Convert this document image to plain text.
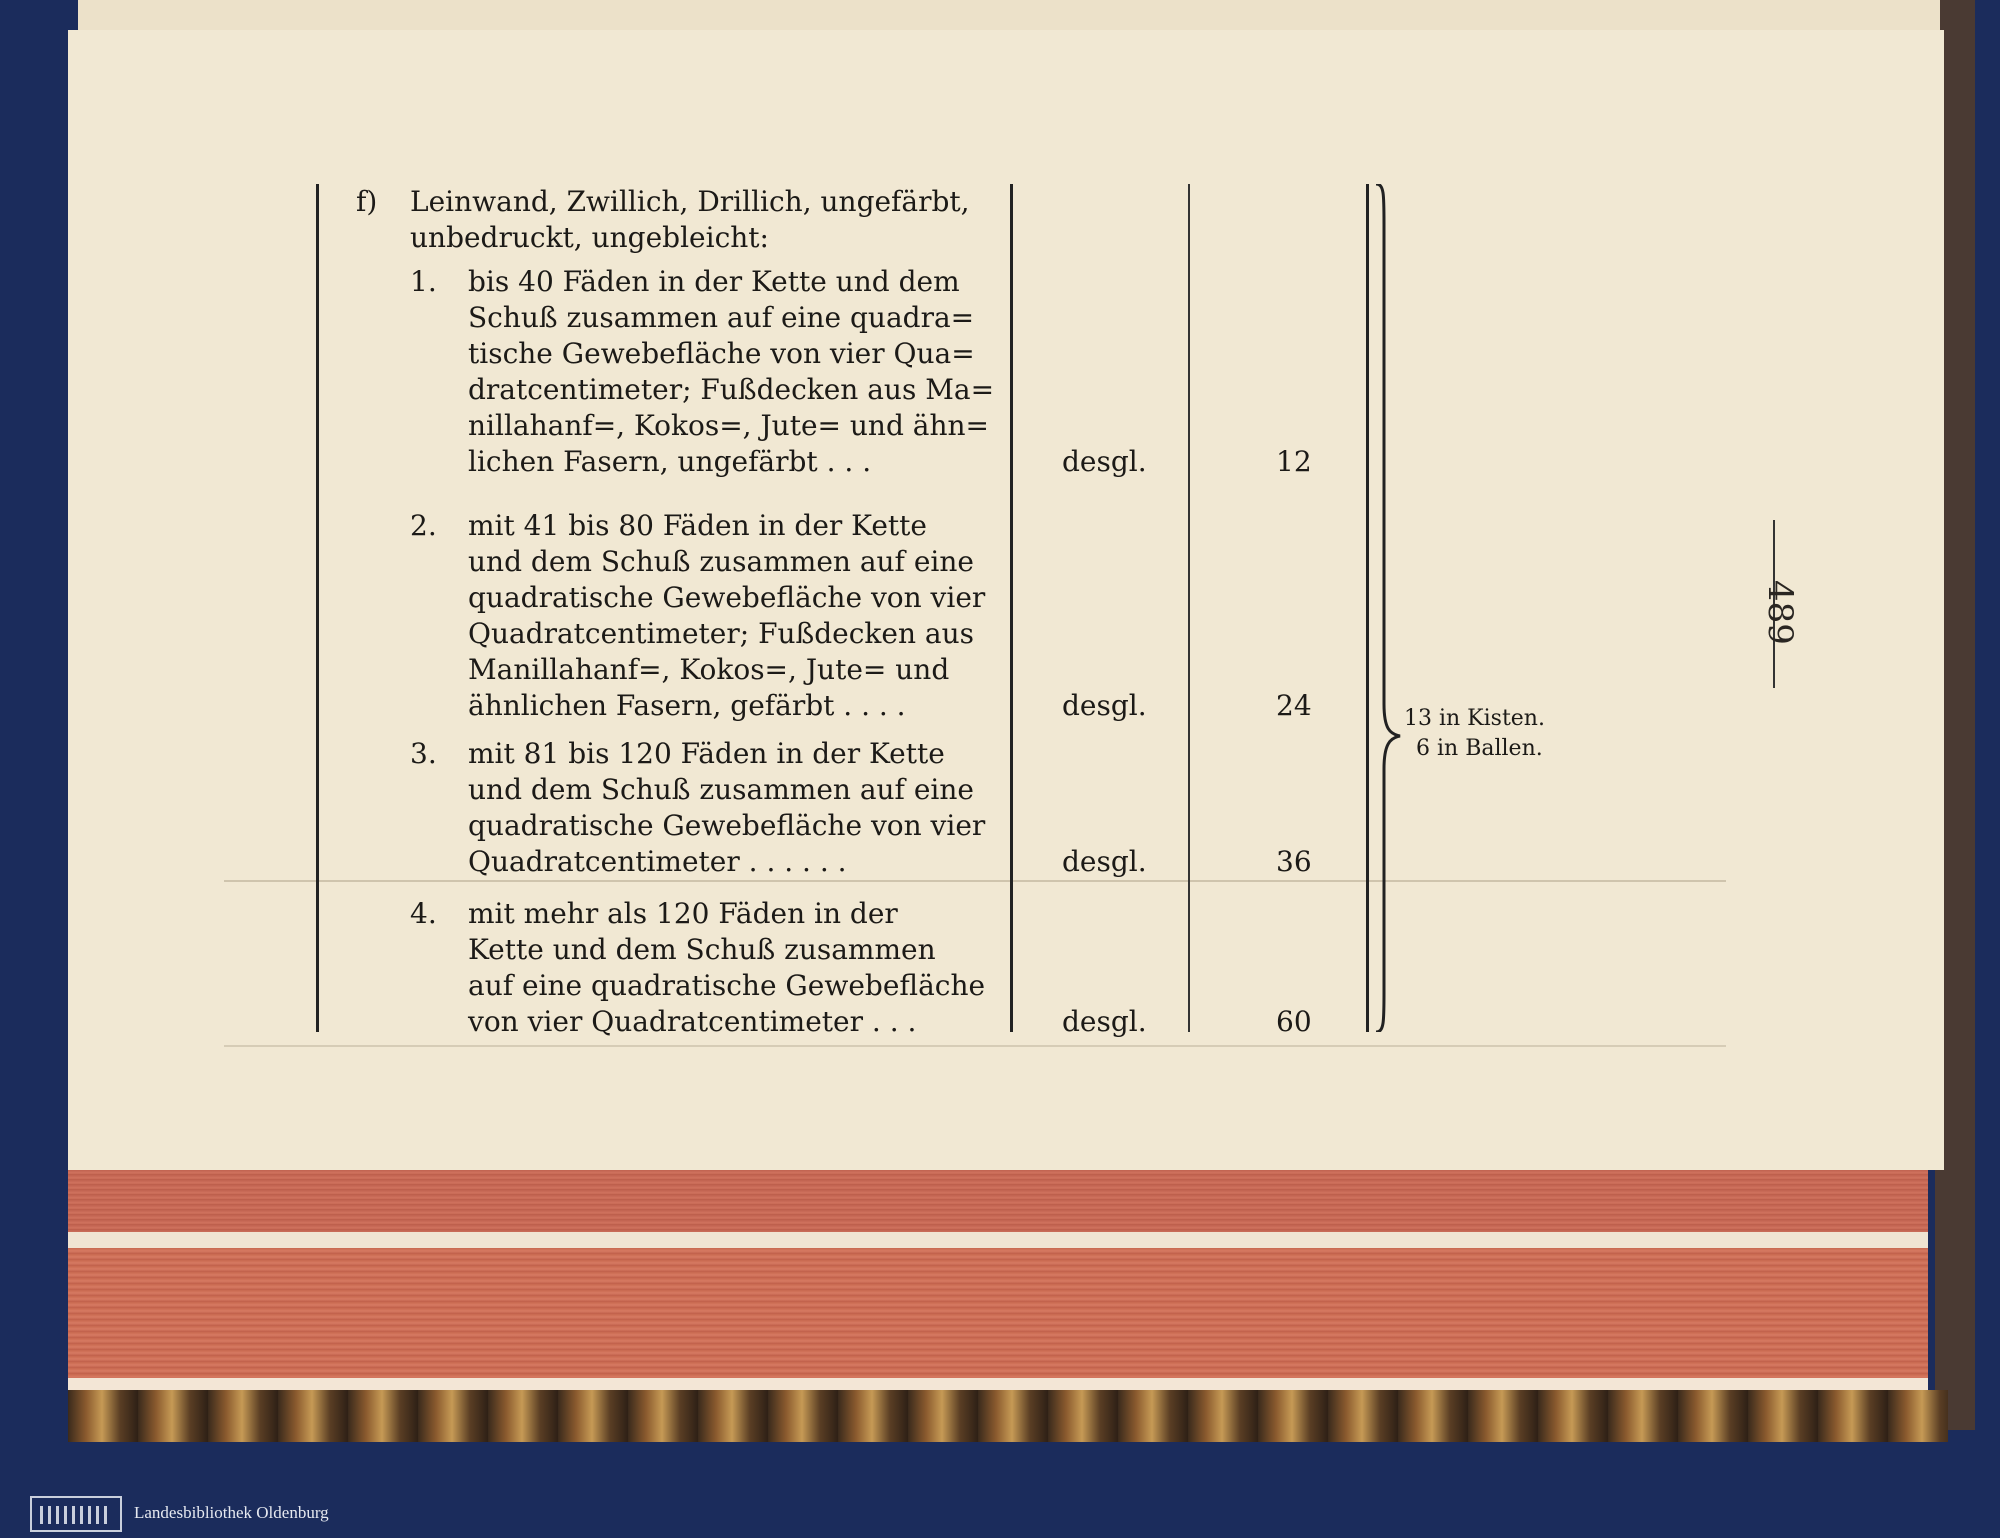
f) Leinwand, Zwillich, Drillich, ungefärbt,
unbedruckt, ungebleicht:
1. bis 40 Fäden in der Kette und dem
Schuß zusammen auf eine quadra=
tische Gewebefläche von vier Qua=
dratcentimeter; Fußdecken aus Ma=
nillahanf=, Kokos=, Jute= und ähn=
lichen Fasern, ungefärbt . . .	desgl.	12
2. mit 41 bis 80 Fäden in der Kette
und dem Schuß zusammen auf eine
quadratische Gewebefläche von vier
Quadratcentimeter; Fußdecken aus
Manillahanf=, Kokos=, Jute= und
ähnlichen Fasern, gefärbt . . . .	desgl.	24
3. mit 81 bis 120 Fäden in der Kette
und dem Schuß zusammen auf eine
quadratische Gewebefläche von vier
Quadratcentimeter . . . . . .	desgl.	36
4. mit mehr als 120 Fäden in der
Kette und dem Schuß zusammen
auf eine quadratische Gewebefläche
von vier Quadratcentimeter . . .	desgl.	60
13 in Kisten.
6 in Ballen.
489
Landesbibliothek Oldenburg
